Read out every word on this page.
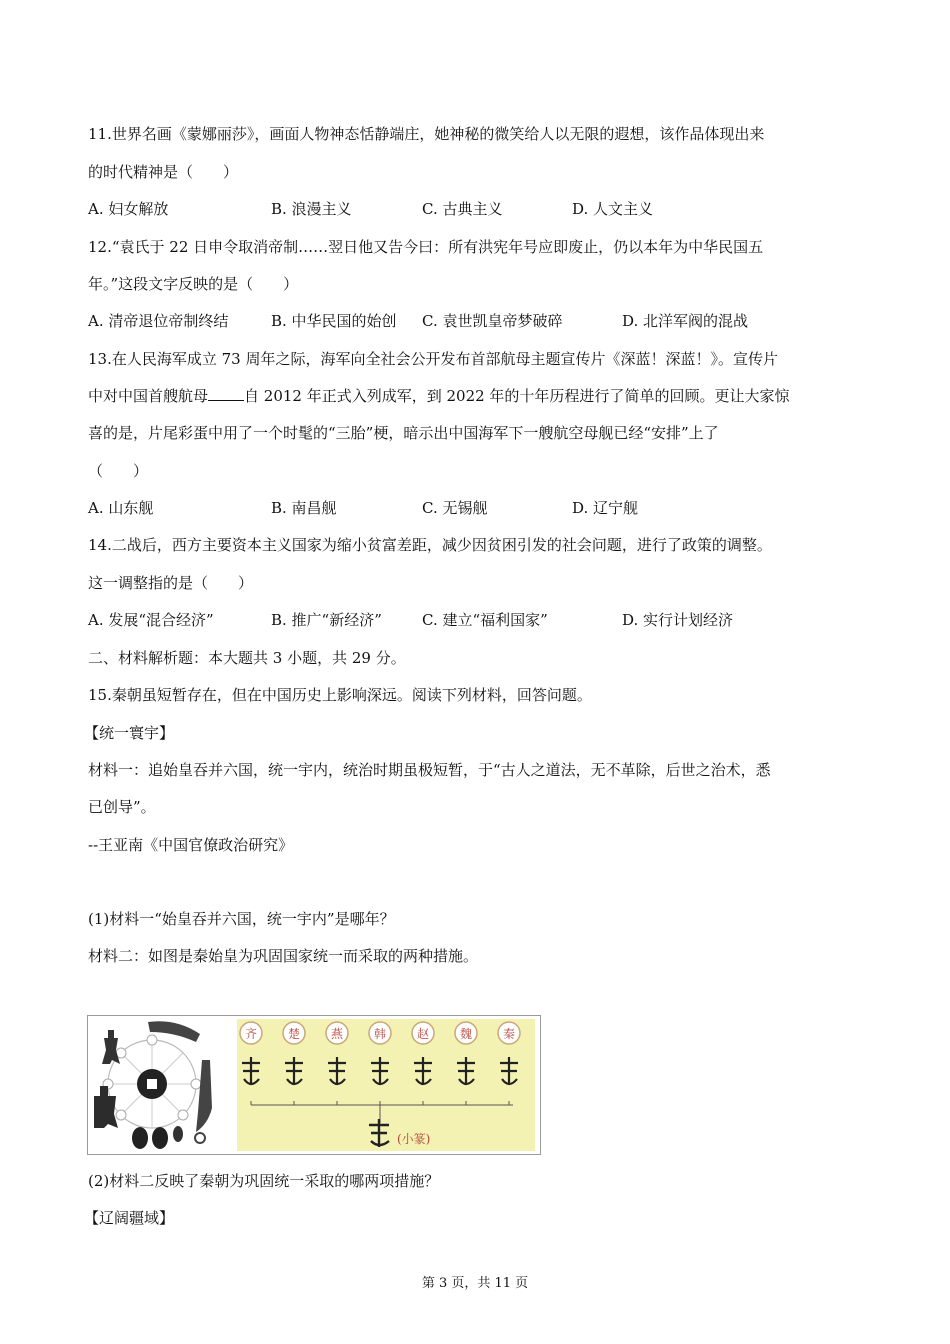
11.世界名画《蒙娜丽莎》，画面人物神态恬静端庄，她神秘的微笑给人以无限的遐想，该作品体现出来
的时代精神是（　　）
A. 妇女解放	B. 浪漫主义	C. 古典主义	D. 人文主义
12.“袁氏于 22 日申令取消帝制……翌日他又告今曰：所有洪宪年号应即废止，仍以本年为中华民国五
年。”这段文字反映的是（　　）
A. 清帝退位帝制终结	B. 中华民国的始创 C. 袁世凯皇帝梦破碎	D. 北洋军阀的混战
13.在人民海军成立 73 周年之际，海军向全社会公开发布首部航母主题宣传片《深蓝！深蓝！》。宣传片
中对中国首艘航母 自 2012 年正式入列成军，到 2022 年的十年历程进行了简单的回顾。更让大家惊
喜的是，片尾彩蛋中用了一个时髦的“三胎”梗，暗示出中国海军下一艘航空母舰已经“安排”上了
（　　）
A. 山东舰	B. 南昌舰	C. 无锡舰	D. 辽宁舰
14.二战后，西方主要资本主义国家为缩小贫富差距，减少因贫困引发的社会问题，进行了政策的调整。
这一调整指的是（　　）
A. 发展“混合经济”	B. 推广“新经济”	C. 建立“福利国家”	D. 实行计划经济
二、材料解析题：本大题共 3 小题，共 29 分。
15.秦朝虽短暂存在，但在中国历史上影响深远。阅读下列材料，回答问题。
【统一寰宇】
材料一：追始皇吞并六国，统一宇内，统治时期虽极短暂，于“古人之道法，无不革除，后世之治术，悉
已创导”。
--王亚南《中国官僚政治研究》
(1)材料一“始皇吞并六国，统一宇内”是哪年？
材料二：如图是秦始皇为巩固国家统一而采取的两种措施。
齐	楚	燕	韩	赵	魏	秦
(小篆)
(2)材料二反映了秦朝为巩固统一采取的哪两项措施？
【辽阔疆域】
第 3 页，共 11 页
